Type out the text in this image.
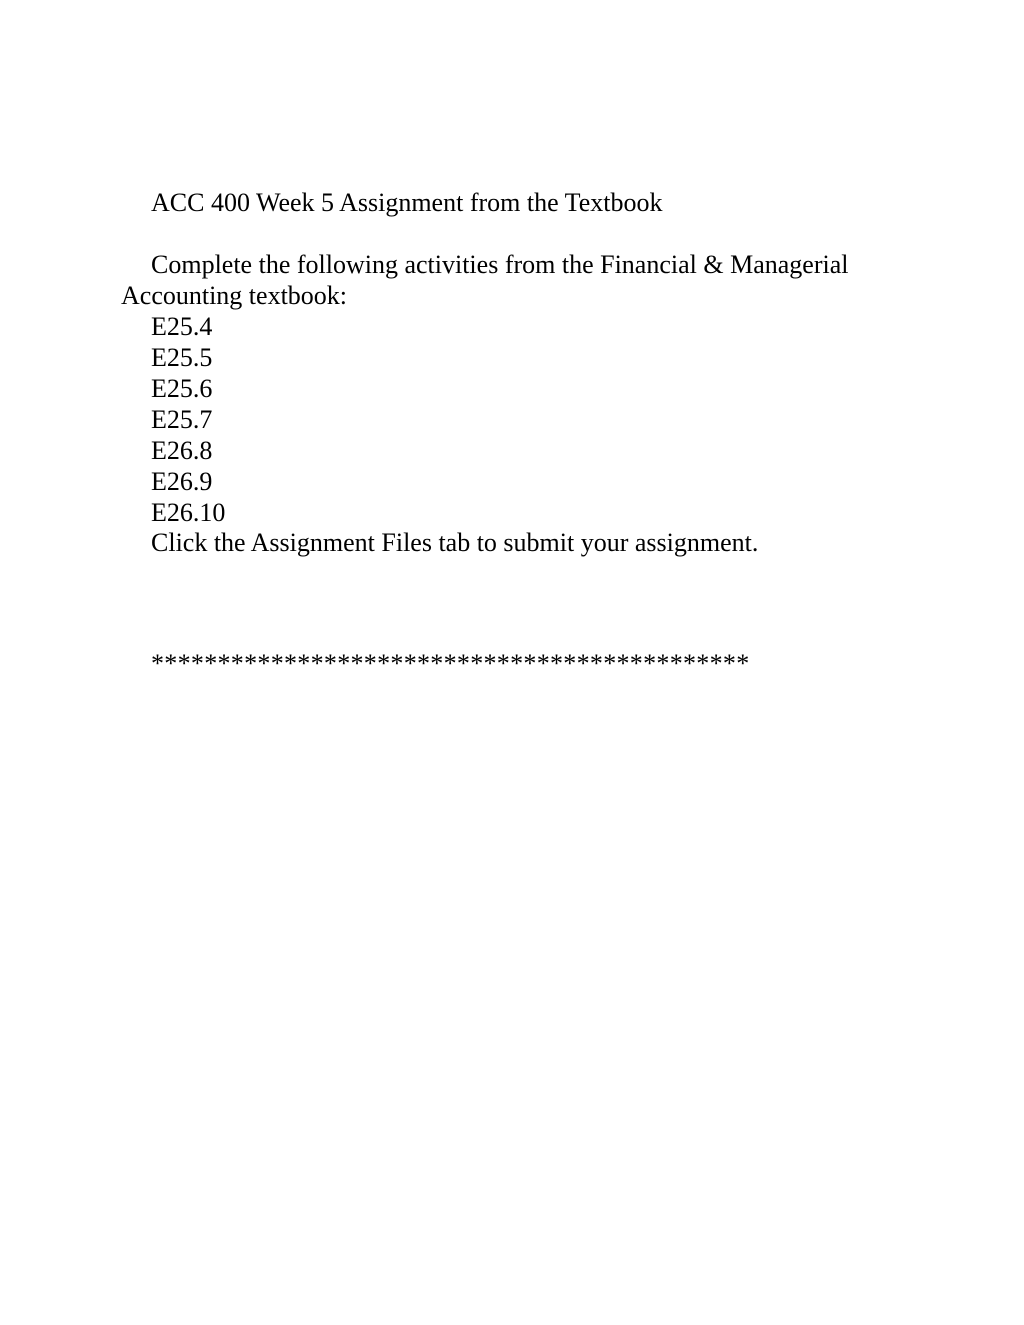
ACC 400 Week 5 Assignment from the Textbook

Complete the following activities from the Financial & Managerial Accounting textbook:

E25.4
E25.5
E25.6
E25.7
E26.8
E26.9
E26.10
Click the Assignment Files tab to submit your assignment.
*********************************************
